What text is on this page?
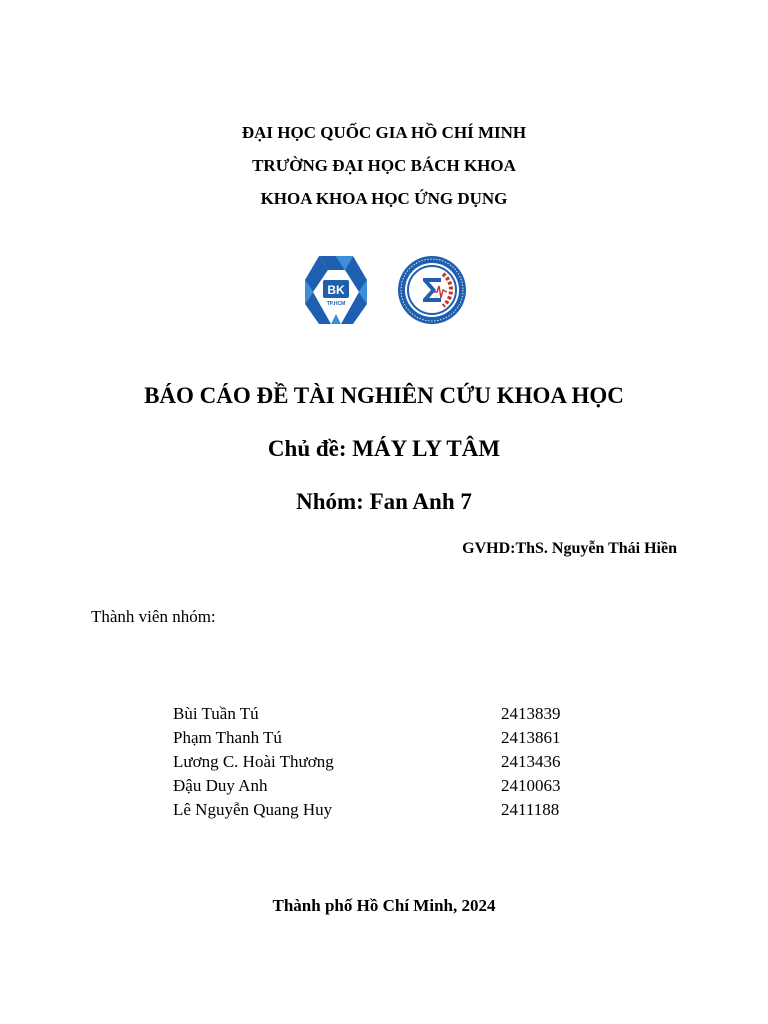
ĐẠI HỌC QUỐC GIA HỒ CHÍ MINH
TRƯỜNG ĐẠI HỌC BÁCH KHOA
KHOA KHOA HỌC ỨNG DỤNG
BK
TP.HCM
BÁO CÁO ĐỀ TÀI NGHIÊN CỨU KHOA HỌC
Chủ đề: MÁY LY TÂM
Nhóm: Fan Anh 7
GVHD:ThS. Nguyễn Thái Hiền
Thành viên nhóm:
Bùi Tuần Tú	2413839
Phạm Thanh Tú	2413861
Lương C. Hoài Thương	2413436
Đậu Duy Anh	2410063
Lê Nguyễn Quang Huy	2411188
Thành phố Hồ Chí Minh, 2024
